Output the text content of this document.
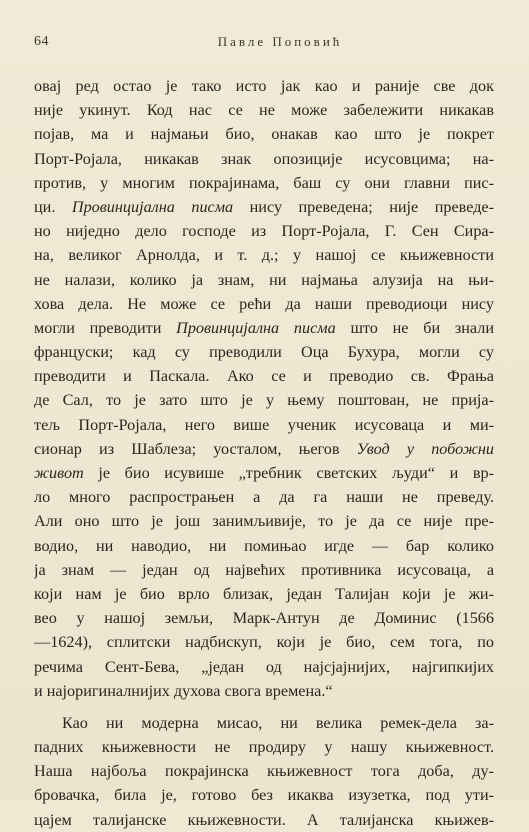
64	Павле Поповић
овај ред остао је тако исто јак као и раније све док
није укинут. Код нас се не може забележити никакав
појав, ма и најмањи био, онакав као што је покрет
Порт-Ројала, никакав знак опозиције исусовцима; на-
против, у многим покрајинама, баш су они главни пис-
ци. Провинцијална писма нису преведена; није преведе-
но ниједно дело господе из Порт-Ројала, Г. Сен Сира-
на, великог Арнолда, и т. д.; у нашој се књижевности
не налази, колико ја знам, ни најмања алузија на њи-
хова дела. Не може се рећи да наши преводиоци нису
могли преводити Провинцијална писма што не би знали
француски; кад су преводили Оца Бухура, могли су
преводити и Паскала. Ако се и преводио св. Фрања
де Сал, то је зато што је у њему поштован, не прија-
тељ Порт-Ројала, него више ученик исусоваца и ми-
сионар из Шаблеза; уосталом, његов Увод у побожни
живот је био исувише „требник светских људи“ и вр-
ло много распрострањен а да га наши не преведу.
Али оно што је још занимљивије, то је да се није пре-
водио, ни наводио, ни помињао игде — бар колико
ја знам — један од највећих противника исусоваца, а
који нам је био врло близак, један Талијан који је жи-
вео у нашој земљи, Марк-Антун де Доминис (1566
—1624), сплитски надбискуп, који је био, сем тога, по
речима Сент-Бева, „један од најсјајнијих, најгипкијих
и најоригиналнијих духова свога времена.“
Као ни модерна мисао, ни велика ремек-дела за-
падних књижевности не продиру у нашу књижевност.
Наша најбоља покрајинска књижевност тога доба, ду-
бровачка, била је, готово без икаква изузетка, под ути-
цајем талијанске књижевности. А талијанска књижев-
